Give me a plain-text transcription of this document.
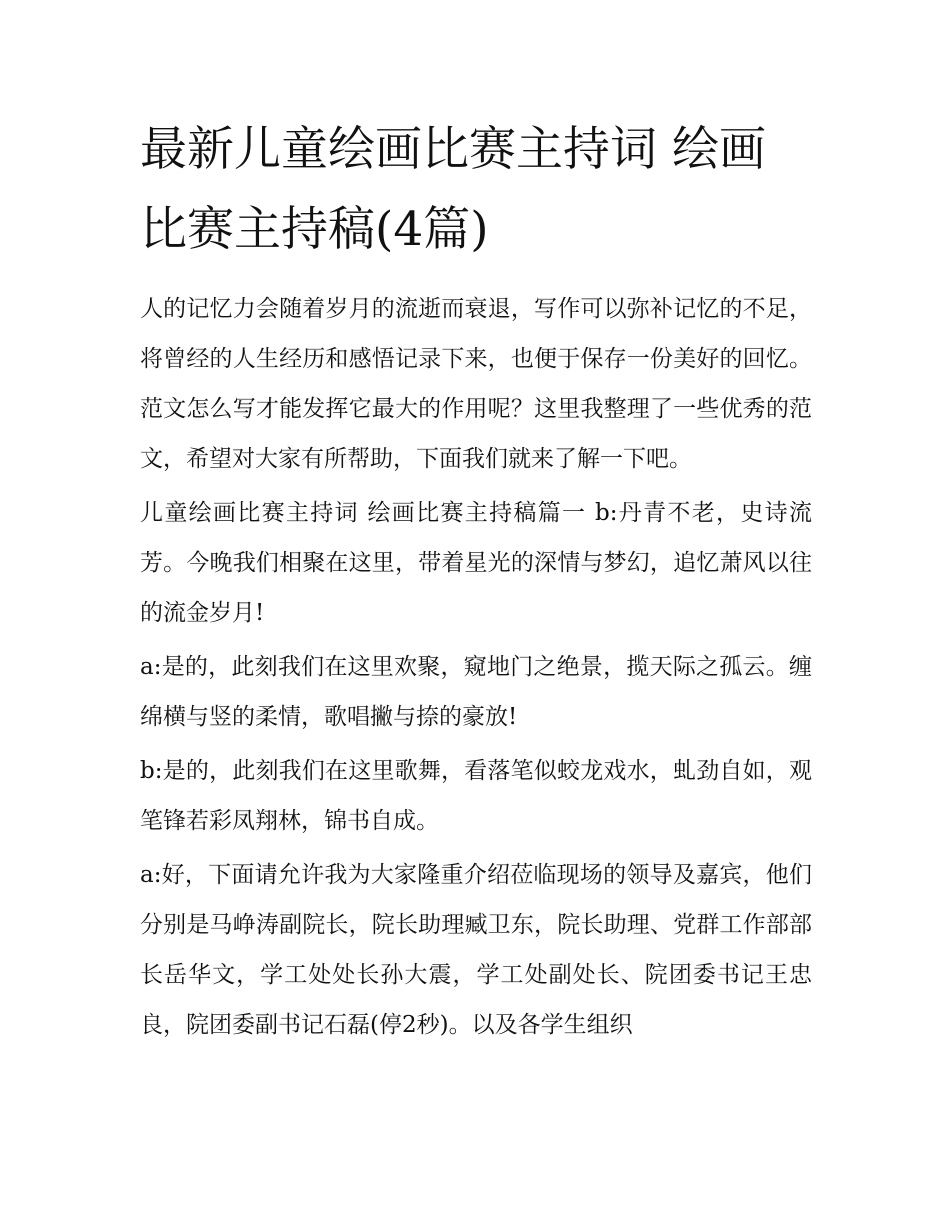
最新儿童绘画比赛主持词 绘画比赛主持稿(4篇)

人的记忆力会随着岁月的流逝而衰退，写作可以弥补记忆的不足，将曾经的人生经历和感悟记录下来，也便于保存一份美好的回忆。范文怎么写才能发挥它最大的作用呢？这里我整理了一些优秀的范文，希望对大家有所帮助，下面我们就来了解一下吧。

儿童绘画比赛主持词 绘画比赛主持稿篇一 b:丹青不老，史诗流芳。今晚我们相聚在这里，带着星光的深情与梦幻，追忆萧风以往的流金岁月!

a:是的，此刻我们在这里欢聚，窥地门之绝景，揽天际之孤云。缠绵横与竖的柔情，歌唱撇与捺的豪放!

b:是的，此刻我们在这里歌舞，看落笔似蛟龙戏水，虬劲自如，观笔锋若彩凤翔林，锦书自成。

a:好，下面请允许我为大家隆重介绍莅临现场的领导及嘉宾，他们分别是马峥涛副院长，院长助理臧卫东，院长助理、党群工作部部长岳华文，学工处处长孙大震，学工处副处长、院团委书记王忠良，院团委副书记石磊(停2秒)。以及各学生组织
